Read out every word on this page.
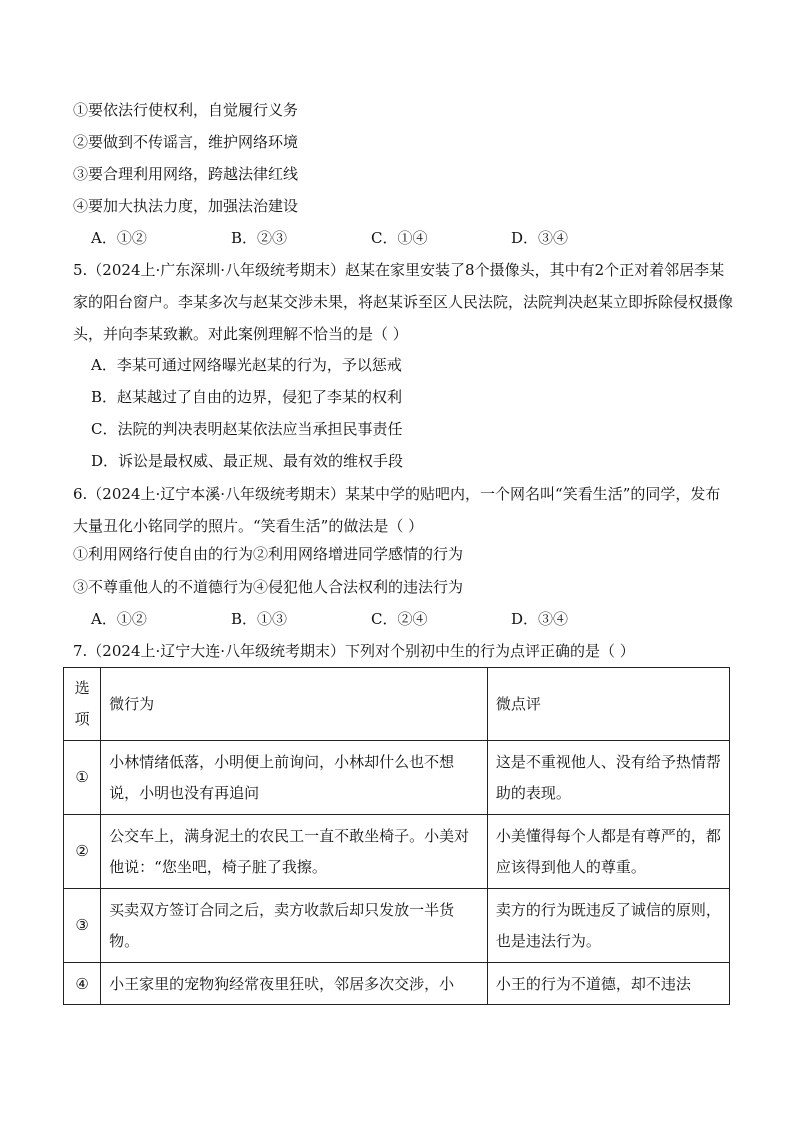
①要依法行使权利，自觉履行义务
②要做到不传谣言，维护网络环境
③要合理利用网络，跨越法律红线
④要加大执法力度，加强法治建设
A．①②	B．②③	C．①④	D．③④
5.（2024上·广东深圳·八年级统考期末）赵某在家里安装了8个摄像头，其中有2个正对着邻居李某家的阳台窗户。李某多次与赵某交涉未果，将赵某诉至区人民法院，法院判决赵某立即拆除侵权摄像头，并向李某致歉。对此案例理解不恰当的是（ ）
A．李某可通过网络曝光赵某的行为，予以惩戒
B．赵某越过了自由的边界，侵犯了李某的权利
C．法院的判决表明赵某依法应当承担民事责任
D．诉讼是最权威、最正规、最有效的维权手段
6.（2024上·辽宁本溪·八年级统考期末）某某中学的贴吧内，一个网名叫“笑看生活”的同学，发布大量丑化小铭同学的照片。“笑看生活”的做法是（ ）
①利用网络行使自由的行为②利用网络增进同学感情的行为
③不尊重他人的不道德行为④侵犯他人合法权利的违法行为
A．①②	B．①③	C．②④	D．③④
7.（2024上·辽宁大连·八年级统考期末）下列对个别初中生的行为点评正确的是（ ）
选项	微行为	微点评
①	小林情绪低落，小明便上前询问，小林却什么也不想说，小明也没有再追问	这是不重视他人、没有给予热情帮助的表现。
②	公交车上，满身泥土的农民工一直不敢坐椅子。小美对他说：“您坐吧，椅子脏了我擦。	小美懂得每个人都是有尊严的，都应该得到他人的尊重。
③	买卖双方签订合同之后，卖方收款后却只发放一半货物。	卖方的行为既违反了诚信的原则，也是违法行为。
④	小王家里的宠物狗经常夜里狂吠，邻居多次交涉，小	小王的行为不道德，却不违法
